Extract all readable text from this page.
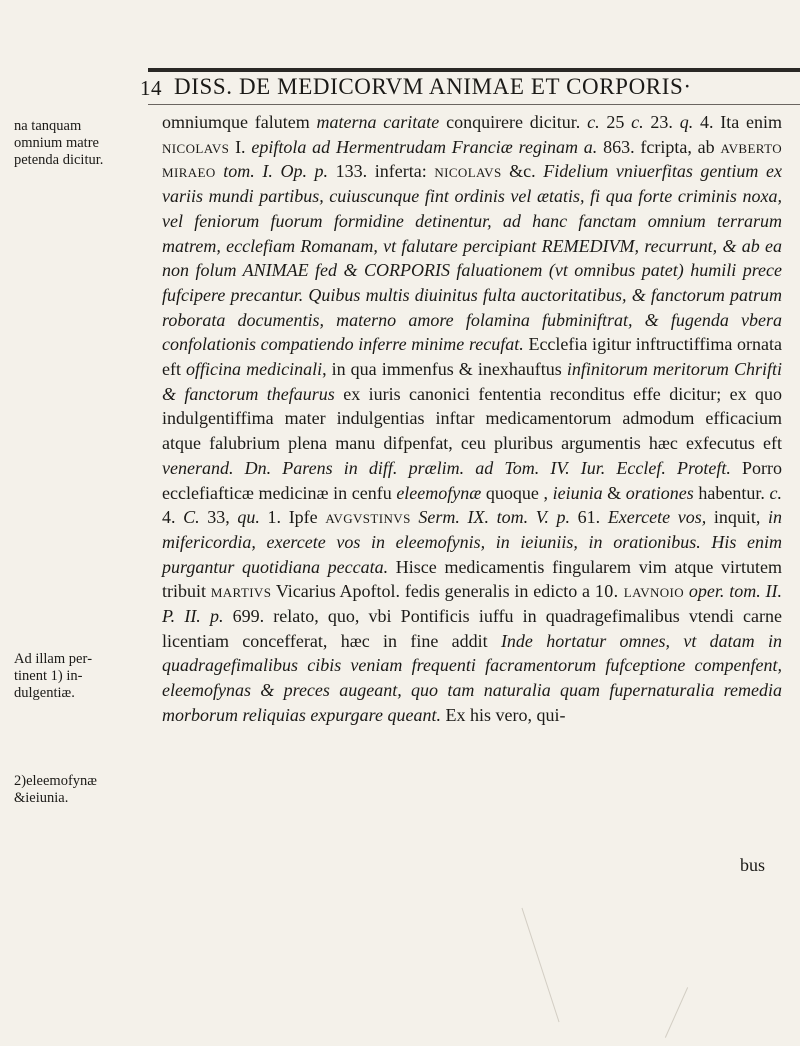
14 DISS. DE MEDICORVM ANIMAE ET CORPORIS·

na tanquam omnium matre petenda dicitur.

Ad illam pertinent 1) indulgentiæ.

2)eleemofynæ &ieiunia.

omniumque falutem materna caritate conquirere dicitur. c. 25 c. 23. q. 4. Ita enim nicolavs I. epiftola ad Hermentrudam Franciæ reginam a. 863. fcripta, ab avberto miraeo tom. I. Op. p. 133. inferta: nicolavs &c. Fidelium vniuerfitas gentium ex variis mundi partibus, cuiuscunque fint ordinis vel ætatis, fi qua forte criminis noxa, vel feniorum fuorum formidine detinentur, ad hanc fanctam omnium terrarum matrem, ecclefiam Romanam, vt falutare percipiant REMEDIVM, recurrunt, & ab ea non folum ANIMAE fed & CORPORIS faluationem (vt omnibus patet) humili prece fufcipere precantur. Quibus multis diuinitus fulta auctoritatibus, & fanctorum patrum roborata documentis, materno amore folamina fubminiftrat, & fugenda vbera confolationis compatiendo inferre minime recufat. Ecclefia igitur inftructiffima ornata eft officina medicinali, in qua immenfus & inexhauftus infinitorum meritorum Chrifti & fanctorum thefaurus ex iuris canonici fententia reconditus effe dicitur; ex quo indulgentiffima mater indulgentias inftar medicamentorum admodum efficacium atque falubrium plena manu difpenfat, ceu pluribus argumentis hæc exfecutus eft venerand. Dn. Parens in diff. prælim. ad Tom. IV. Iur. Ecclef. Proteft. Porro ecclefiafticæ medicinæ in cenfu eleemofynæ quoque , ieiunia & orationes habentur. c. 4. C. 33, qu. 1. Ipfe avgvstinvs Serm. IX. tom. V. p. 61. Exercete vos, inquit, in mifericordia, exercete vos in eleemofynis, in ieiuniis, in orationibus. His enim purgantur quotidiana peccata. Hisce medicamentis fingularem vim atque virtutem tribuit martivs Vicarius Apoftol. fedis generalis in edicto a 10. lavnoio oper. tom. II. P. II. p. 699. relato, quo, vbi Pontificis iuffu in quadragefimalibus vtendi carne licentiam concefferat, hæc in fine addit Inde hortatur omnes, vt datam in quadragefimalibus cibis veniam frequenti facramentorum fufceptione compenfent, eleemofynas & preces augeant, quo tam naturalia quam fupernaturalia remedia morborum reliquias expurgare queant. Ex his vero, qui-

bus
